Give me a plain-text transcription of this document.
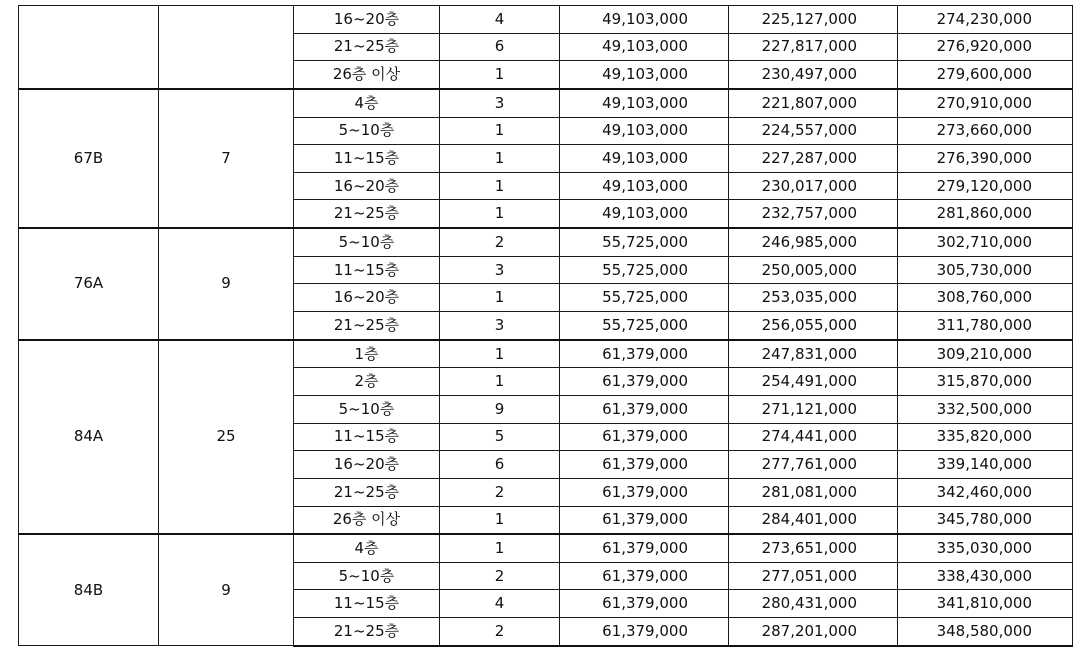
		16~20층	4	49,103,000	225,127,000	274,230,000
		21~25층	6	49,103,000	227,817,000	276,920,000
		26층 이상	1	49,103,000	230,497,000	279,600,000
67B	7	4층	3	49,103,000	221,807,000	270,910,000
		5~10층	1	49,103,000	224,557,000	273,660,000
		11~15층	1	49,103,000	227,287,000	276,390,000
		16~20층	1	49,103,000	230,017,000	279,120,000
		21~25층	1	49,103,000	232,757,000	281,860,000
76A	9	5~10층	2	55,725,000	246,985,000	302,710,000
		11~15층	3	55,725,000	250,005,000	305,730,000
		16~20층	1	55,725,000	253,035,000	308,760,000
		21~25층	3	55,725,000	256,055,000	311,780,000
84A	25	1층	1	61,379,000	247,831,000	309,210,000
		2층	1	61,379,000	254,491,000	315,870,000
		5~10층	9	61,379,000	271,121,000	332,500,000
		11~15층	5	61,379,000	274,441,000	335,820,000
		16~20층	6	61,379,000	277,761,000	339,140,000
		21~25층	2	61,379,000	281,081,000	342,460,000
		26층 이상	1	61,379,000	284,401,000	345,780,000
84B	9	4층	1	61,379,000	273,651,000	335,030,000
		5~10층	2	61,379,000	277,051,000	338,430,000
		11~15층	4	61,379,000	280,431,000	341,810,000
		21~25층	2	61,379,000	287,201,000	348,580,000
